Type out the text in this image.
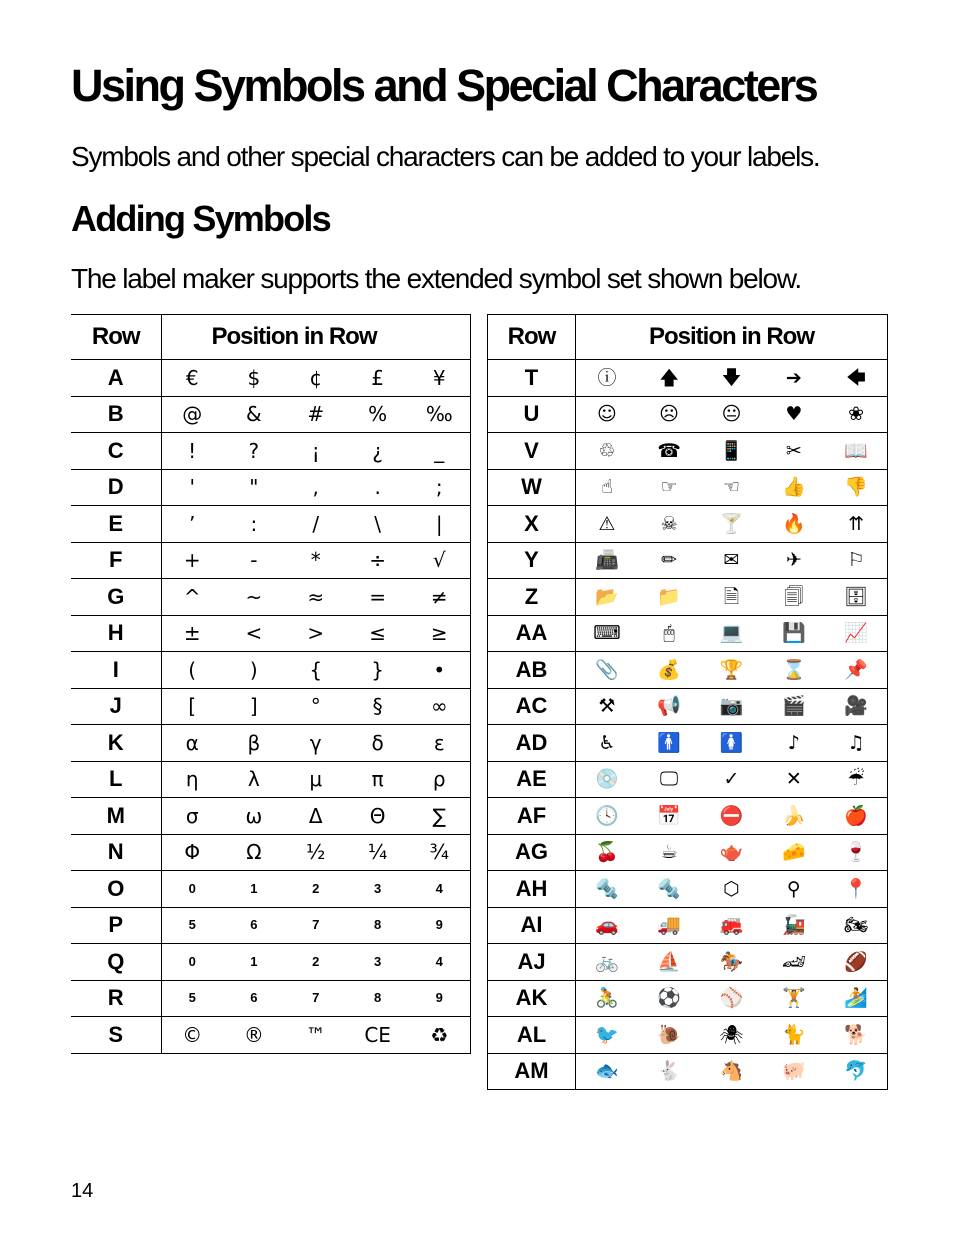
Using Symbols and Special Characters

Symbols and other special characters can be added to your labels.

Adding Symbols

The label maker supports the extended symbol set shown below.

Row	Position in Row				
A	€	$	¢	£	¥
B	@	&	#	%	‰
C	!	?	¡	¿	_
D	'	"	,	.	;
E	’	:	/	\	|
F	+	-	*	÷	√
G	^	~	≈	=	≠
H	±	<	>	≤	≥
I	(	)	{	}	•
J	[	]	°	§	∞
K	α	β	γ	δ	ε
L	η	λ	μ	π	ρ
M	σ	ω	Δ	Θ	∑
N	Φ	Ω	½	¼	¾
O	0	1	2	3	4
P	5	6	7	8	9
Q	0	1	2	3	4
R	5	6	7	8	9
S	©	®	™	CE	♻
Row	Position in Row				
T	ⓘ	🡅	🡇	➔	🡄
U	☺	☹	😐	♥	❀
V	♲	☎	📱	✂	📖
W	☝	☞	☜	👍	👎
X	⚠	☠	🍸	🔥	⇈
Y	📠	✏	✉	✈	⚐
Z	📂	📁	🗎	🗐	🗄
AA	⌨	🖱	💻	💾	📈
AB	📎	💰	🏆	⌛	📌
AC	⚒	📢	📷	🎬	🎥
AD	♿	🚹	🚺	♪	♫
AE	💿	🖵	✓	✕	☔
AF	🕓	📅	⛔	🍌	🍎
AG	🍒	☕	🫖	🧀	🍷
AH	🔩	🔩	⬡	⚲	📍
AI	🚗	🚚	🚒	🚂	🏍
AJ	🚲	⛵	🏇	🏎	🏈
AK	🚴	⚽	⚾	🏋	🏄
AL	🐦	🐌	🕷	🐈	🐕
AM	🐟	🐇	🐴	🐖	🐬
14
